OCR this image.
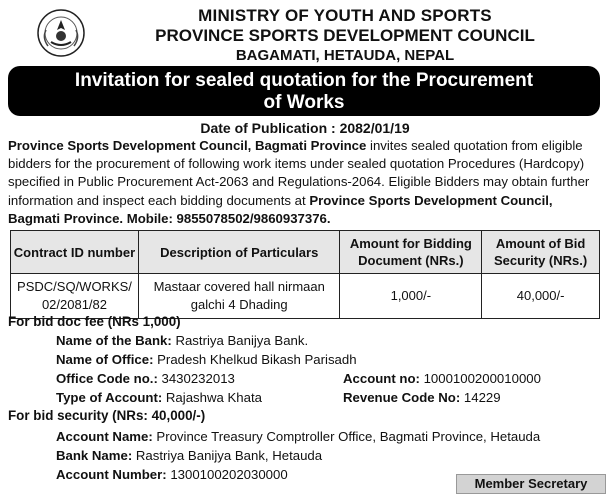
MINISTRY OF YOUTH AND SPORTS
PROVINCE SPORTS DEVELOPMENT COUNCIL
BAGAMATI, HETAUDA, NEPAL
Invitation for sealed quotation for the Procurement
of Works
Date of Publication : 2082/01/19
Province Sports Development Council, Bagmati Province invites sealed quotation from eligible bidders for the procurement of following work items under sealed quotation Procedures (Hardcopy) specified in Public Procurement Act-2063 and Regulations-2064. Eligible Bidders may obtain further information and inspect each bidding documents at Province Sports Development Council, Bagmati Province. Mobile: 9855078502/9860937376.
Contract ID number	Description of Particulars	Amount for Bidding Document (NRs.)	Amount of Bid Security (NRs.)
PSDC/SQ/WORKS/ 02/2081/82	Mastaar covered hall nirmaan galchi 4 Dhading	1,000/-	40,000/-
For bid doc fee (NRs 1,000)
Name of the Bank: Rastriya Banijya Bank.
Name of Office: Pradesh Khelkud Bikash Parisadh
Office Code no.: 3430232013	Account no: 1000100200010000
Type of Account: Rajashwa Khata	Revenue Code No: 14229
For bid security (NRs: 40,000/-)
Account Name: Province Treasury Comptroller Office, Bagmati Province, Hetauda
Bank Name: Rastriya Banijya Bank, Hetauda
Account Number: 1300100202030000
Member Secretary
